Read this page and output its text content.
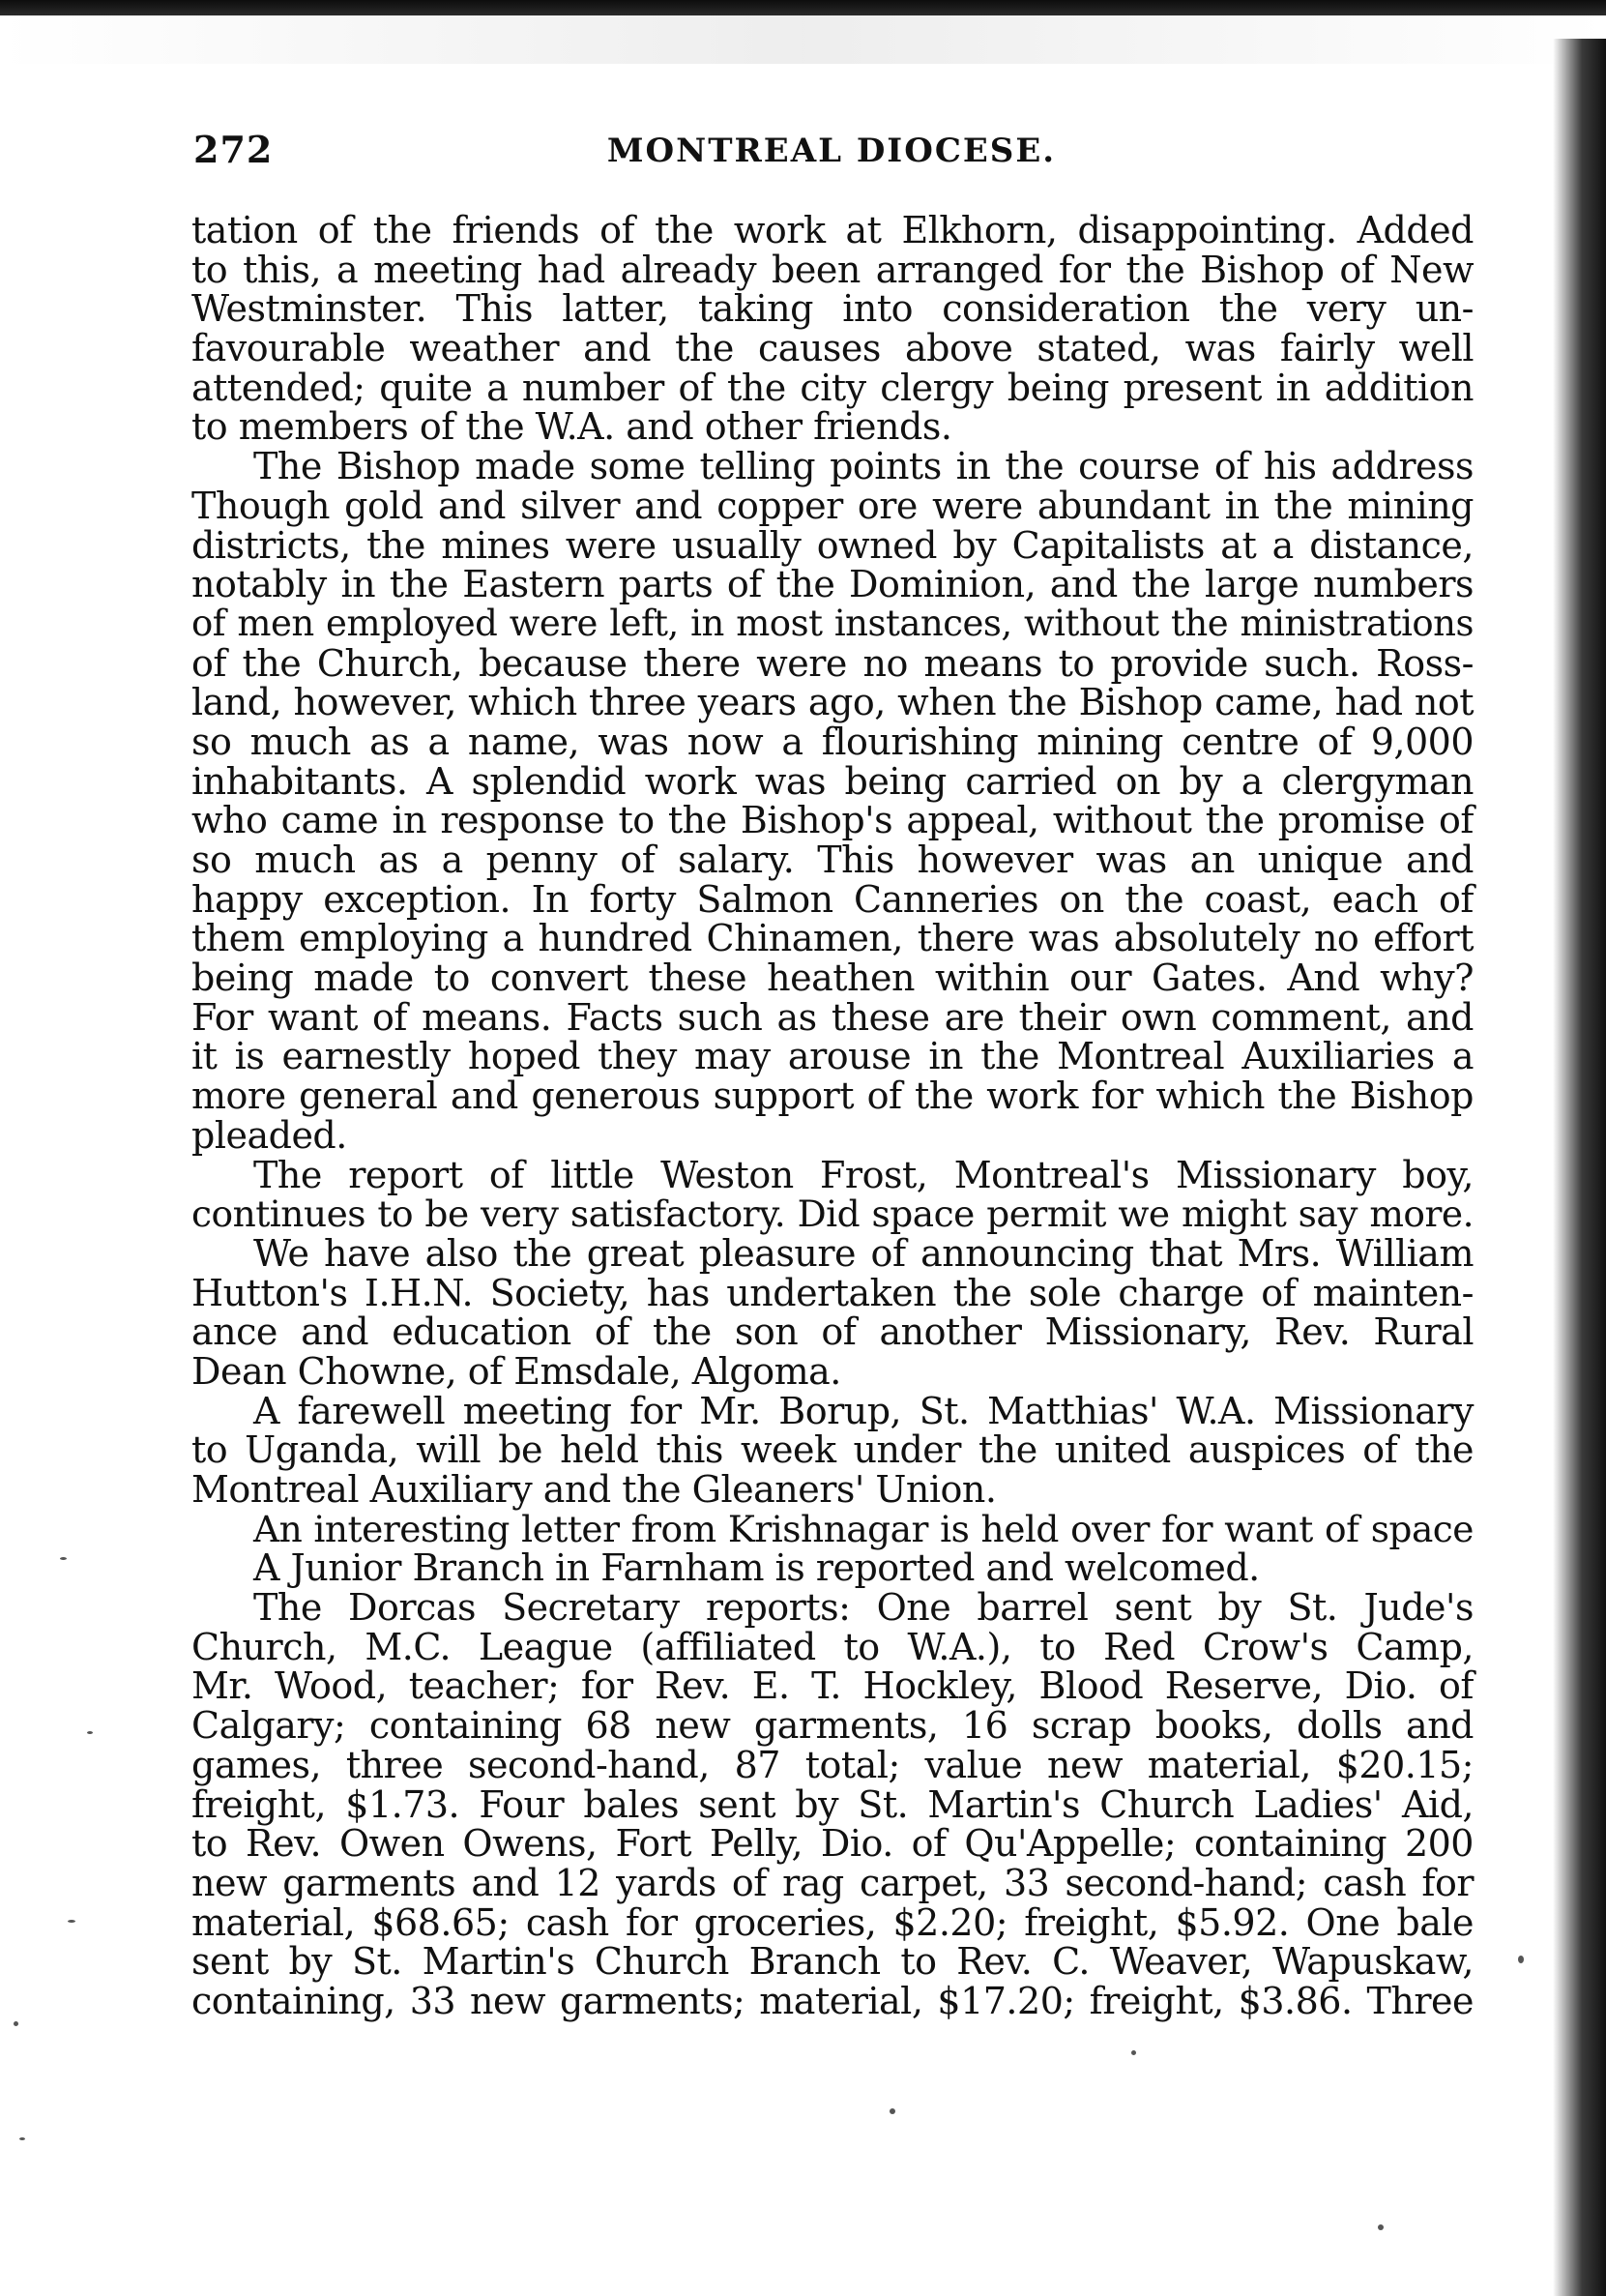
272	MONTREAL DIOCESE.
tation of the friends of the work at Elkhorn, disappointing. Added
to this, a meeting had already been arranged for the Bishop of New
Westminster. This latter, taking into consideration the very un-
favourable weather and the causes above stated, was fairly well
attended; quite a number of the city clergy being present in addition
to members of the W.A. and other friends.
The Bishop made some telling points in the course of his address
Though gold and silver and copper ore were abundant in the mining
districts, the mines were usually owned by Capitalists at a distance,
notably in the Eastern parts of the Dominion, and the large numbers
of men employed were left, in most instances, without the ministrations
of the Church, because there were no means to provide such. Ross-
land, however, which three years ago, when the Bishop came, had not
so much as a name, was now a flourishing mining centre of 9,000
inhabitants. A splendid work was being carried on by a clergyman
who came in response to the Bishop's appeal, without the promise of
so much as a penny of salary. This however was an unique and
happy exception. In forty Salmon Canneries on the coast, each of
them employing a hundred Chinamen, there was absolutely no effort
being made to convert these heathen within our Gates. And why?
For want of means. Facts such as these are their own comment, and
it is earnestly hoped they may arouse in the Montreal Auxiliaries a
more general and generous support of the work for which the Bishop
pleaded.
The report of little Weston Frost, Montreal's Missionary boy,
continues to be very satisfactory. Did space permit we might say more.
We have also the great pleasure of announcing that Mrs. William
Hutton's I.H.N. Society, has undertaken the sole charge of mainten-
ance and education of the son of another Missionary, Rev. Rural
Dean Chowne, of Emsdale, Algoma.
A farewell meeting for Mr. Borup, St. Matthias' W.A. Missionary
to Uganda, will be held this week under the united auspices of the
Montreal Auxiliary and the Gleaners' Union.
An interesting letter from Krishnagar is held over for want of space
A Junior Branch in Farnham is reported and welcomed.
The Dorcas Secretary reports: One barrel sent by St. Jude's
Church, M.C. League (affiliated to W.A.), to Red Crow's Camp,
Mr. Wood, teacher; for Rev. E. T. Hockley, Blood Reserve, Dio. of
Calgary; containing 68 new garments, 16 scrap books, dolls and
games, three second-hand, 87 total; value new material, $20.15;
freight, $1.73. Four bales sent by St. Martin's Church Ladies' Aid,
to Rev. Owen Owens, Fort Pelly, Dio. of Qu'Appelle; containing 200
new garments and 12 yards of rag carpet, 33 second-hand; cash for
material, $68.65; cash for groceries, $2.20; freight, $5.92. One bale
sent by St. Martin's Church Branch to Rev. C. Weaver, Wapuskaw,
containing, 33 new garments; material, $17.20; freight, $3.86. Three
